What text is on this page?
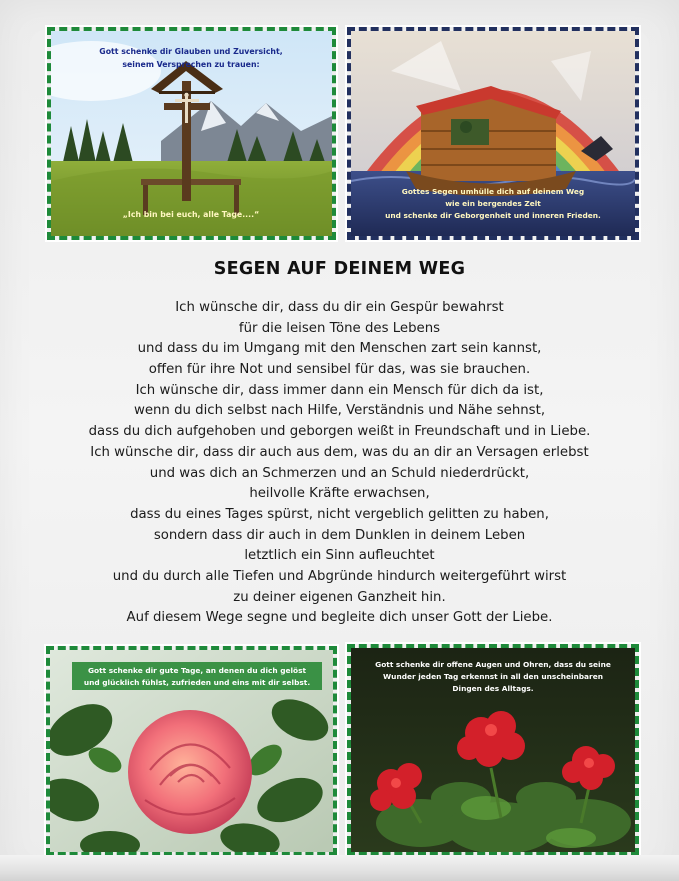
Gott schenke dir Glauben und Zuversicht,
seinem Versprechen zu trauen:
„Ich bin bei euch, alle Tage....“
Gottes Segen umhülle dich auf deinem Weg
wie ein bergendes Zelt
und schenke dir Geborgenheit und inneren Frieden.
SEGEN AUF DEINEM WEG
Ich wünsche dir, dass du dir ein Gespür bewahrst
für die leisen Töne des Lebens
und dass du im Umgang mit den Menschen zart sein kannst,
offen für ihre Not und sensibel für das, was sie brauchen.
Ich wünsche dir, dass immer dann ein Mensch für dich da ist,
wenn du dich selbst nach Hilfe, Verständnis und Nähe sehnst,
dass du dich aufgehoben und geborgen weißt in Freundschaft und in Liebe.
Ich wünsche dir, dass dir auch aus dem, was du an dir an Versagen erlebst
und was dich an Schmerzen und an Schuld niederdrückt,
heilvolle Kräfte erwachsen,
dass du eines Tages spürst, nicht vergeblich gelitten zu haben,
sondern dass dir auch in dem Dunklen in deinem Leben
letztlich ein Sinn aufleuchtet
und du durch alle Tiefen und Abgründe hindurch weitergeführt wirst
zu deiner eigenen Ganzheit hin.
Auf diesem Wege segne und begleite dich unser Gott der Liebe.
Gott schenke dir gute Tage, an denen du dich gelöst
und glücklich fühlst, zufrieden und eins mit dir selbst.
Gott schenke dir offene Augen und Ohren, dass du seine
Wunder jeden Tag erkennst in all den unscheinbaren
Dingen des Alltags.
